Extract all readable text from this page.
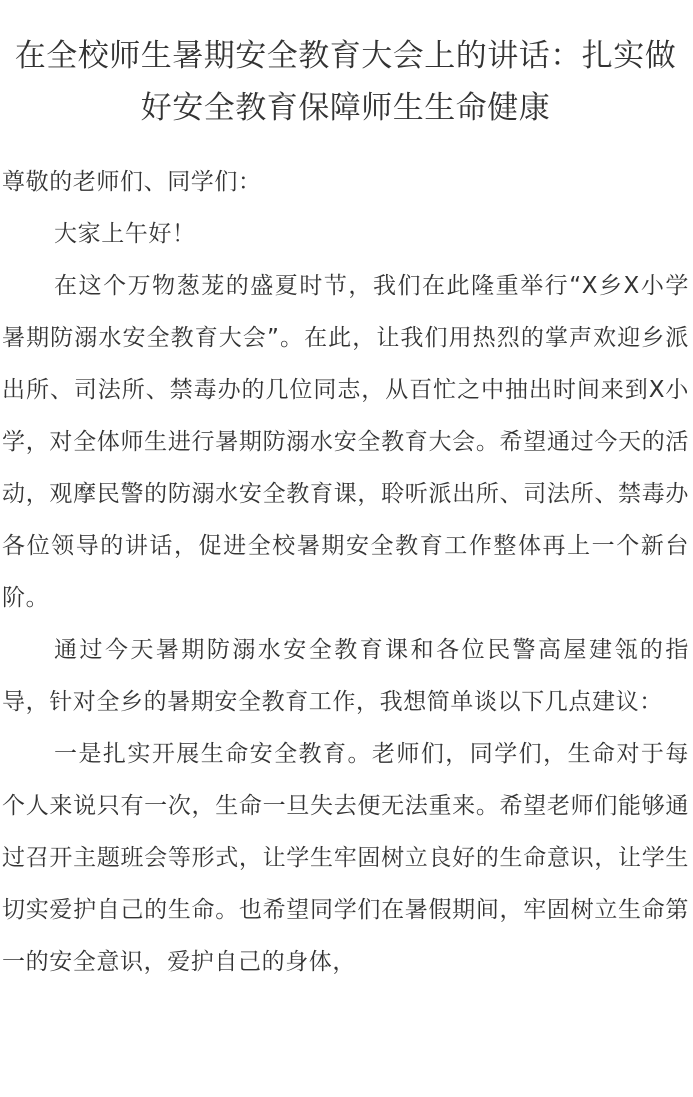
在全校师生暑期安全教育大会上的讲话：扎实做好安全教育保障师生生命健康

尊敬的老师们、同学们：

大家上午好！

在这个万物葱茏的盛夏时节，我们在此隆重举行“X乡X小学暑期防溺水安全教育大会”。在此，让我们用热烈的掌声欢迎乡派出所、司法所、禁毒办的几位同志，从百忙之中抽出时间来到X小学，对全体师生进行暑期防溺水安全教育大会。希望通过今天的活动，观摩民警的防溺水安全教育课，聆听派出所、司法所、禁毒办各位领导的讲话，促进全校暑期安全教育工作整体再上一个新台阶。

通过今天暑期防溺水安全教育课和各位民警高屋建瓴的指导，针对全乡的暑期安全教育工作，我想简单谈以下几点建议：

一是扎实开展生命安全教育。老师们，同学们，生命对于每个人来说只有一次，生命一旦失去便无法重来。希望老师们能够通过召开主题班会等形式，让学生牢固树立良好的生命意识，让学生切实爱护自己的生命。也希望同学们在暑假期间，牢固树立生命第一的安全意识，爱护自己的身体，
